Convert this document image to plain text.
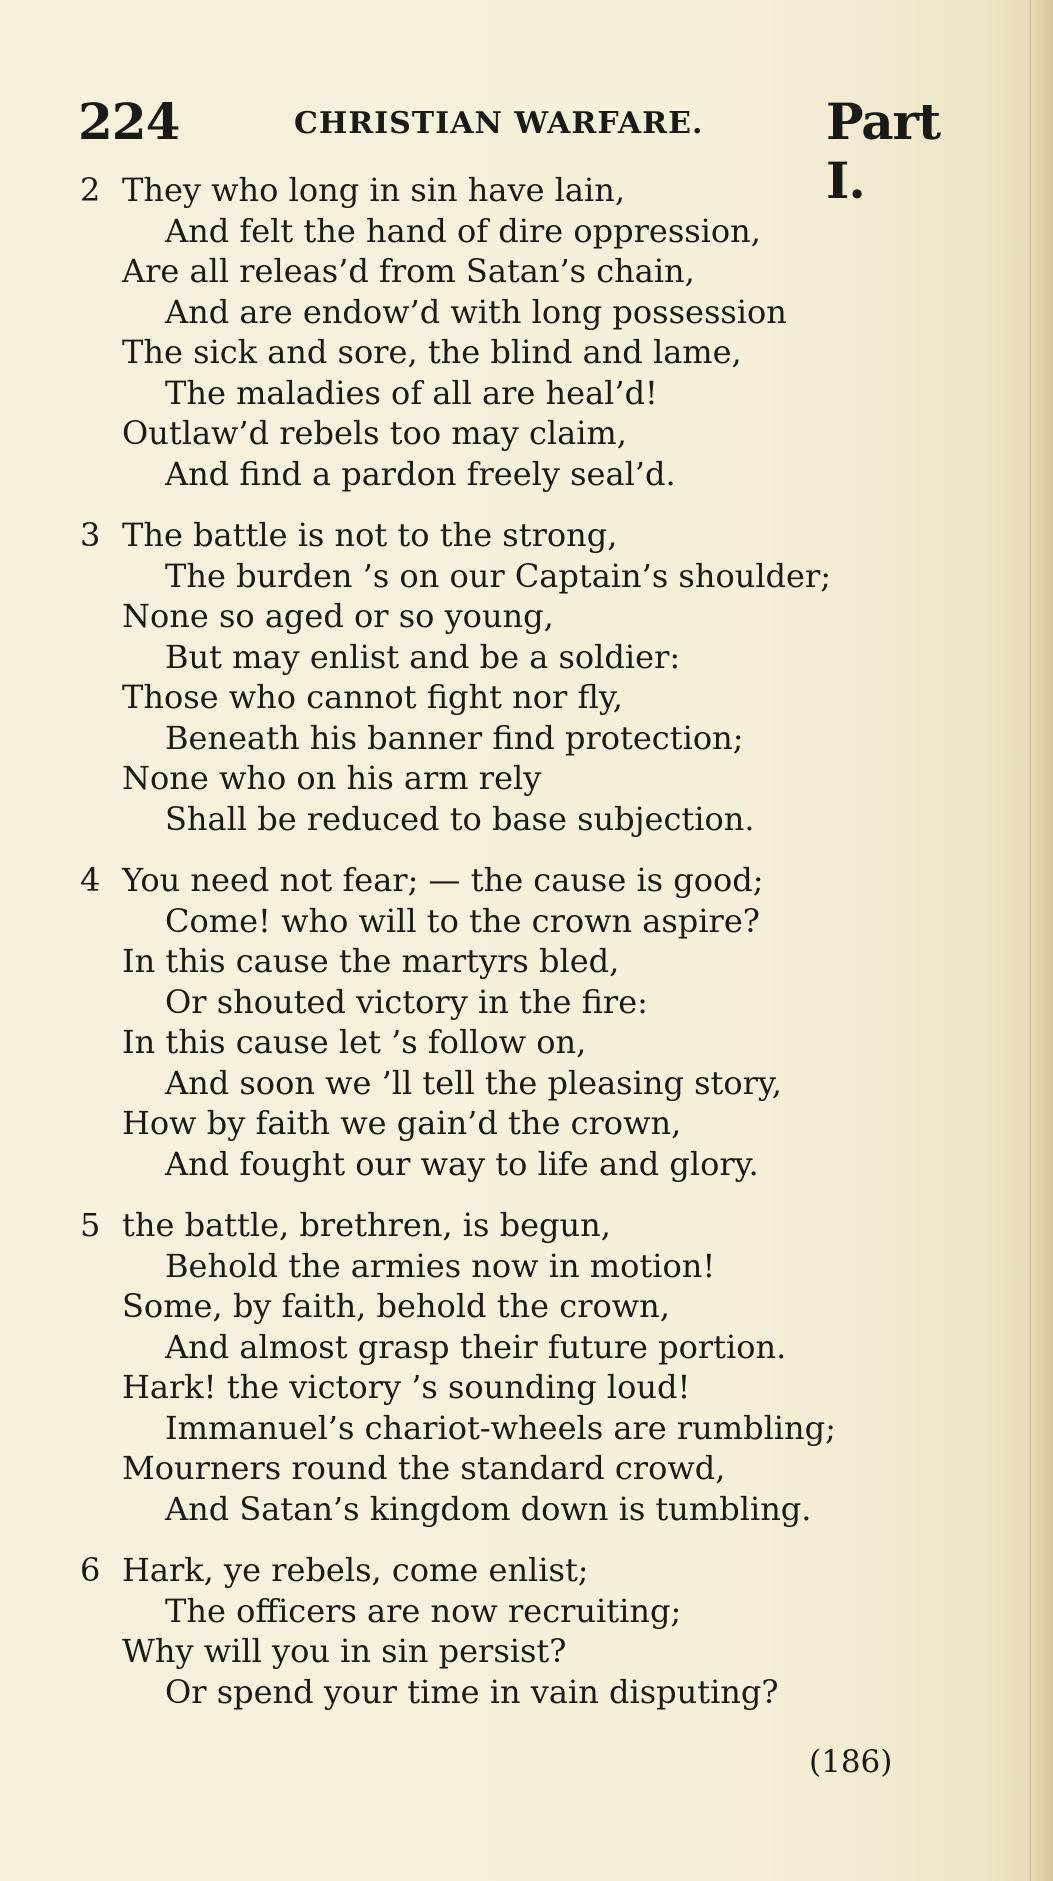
224	CHRISTIAN WARFARE. Part I.
2 They who long in sin have lain,
And felt the hand of dire oppression,
Are all releas’d from Satan’s chain,
And are endow’d with long possession
The sick and sore, the blind and lame,
The maladies of all are heal’d!
Outlaw’d rebels too may claim,
And find a pardon freely seal’d.
3 The battle is not to the strong,
The burden ’s on our Captain’s shoulder;
None so aged or so young,
But may enlist and be a soldier:
Those who cannot fight nor fly,
Beneath his banner find protection;
None who on his arm rely
Shall be reduced to base subjection.
4 You need not fear; — the cause is good;
Come! who will to the crown aspire?
In this cause the martyrs bled,
Or shouted victory in the fire:
In this cause let ’s follow on,
And soon we ’ll tell the pleasing story,
How by faith we gain’d the crown,
And fought our way to life and glory.
5 the battle, brethren, is begun,
Behold the armies now in motion!
Some, by faith, behold the crown,
And almost grasp their future portion.
Hark! the victory ’s sounding loud!
Immanuel’s chariot-wheels are rumbling;
Mourners round the standard crowd,
And Satan’s kingdom down is tumbling.
6 Hark, ye rebels, come enlist;
The officers are now recruiting;
Why will you in sin persist?
Or spend your time in vain disputing?
(186)
